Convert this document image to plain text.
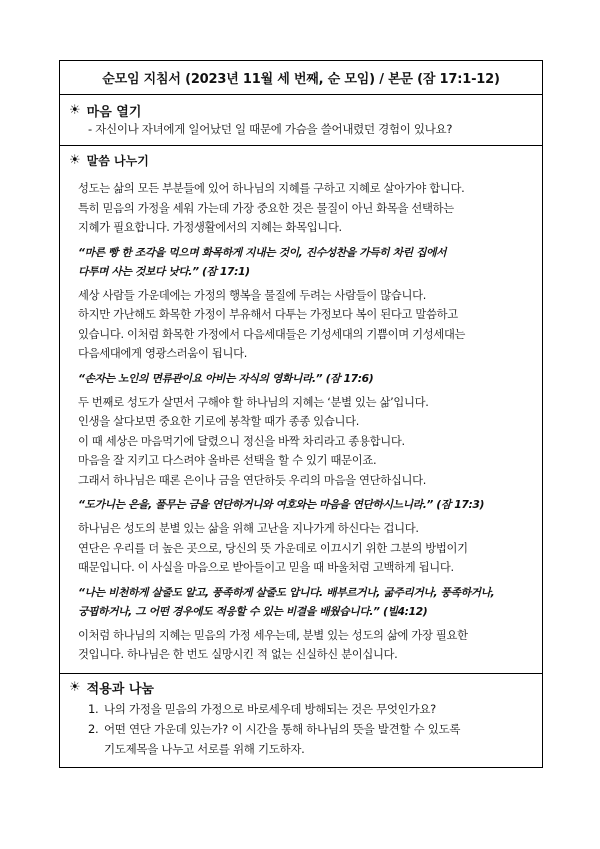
순모임 지침서 (2023년 11월 세 번째, 순 모임) / 본문 (잠 17:1-12)
☀ 마음 열기
- 자신이나 자녀에게 일어났던 일 때문에 가슴을 쓸어내렸던 경험이 있나요?
☀ 말씀 나누기
성도는 삶의 모든 부분들에 있어 하나님의 지혜를 구하고 지혜로 살아가야 합니다.
특히 믿음의 가정을 세워 가는데 가장 중요한 것은 물질이 아닌 화목을 선택하는
지혜가 필요합니다. 가정생활에서의 지혜는 화목입니다.
“마른 빵 한 조각을 먹으며 화목하게 지내는 것이, 진수성찬을 가득히 차린 집에서
다투며 사는 것보다 낫다.” (잠 17:1)
세상 사람들 가운데에는 가정의 행복을 물질에 두려는 사람들이 많습니다.
하지만 가난해도 화목한 가정이 부유해서 다투는 가정보다 복이 된다고 말씀하고
있습니다. 이처럼 화목한 가정에서 다음세대들은 기성세대의 기쁨이며 기성세대는
다음세대에게 영광스러움이 됩니다.
“손자는 노인의 면류관이요 아비는 자식의 영화니라.” (잠 17:6)
두 번째로 성도가 살면서 구해야 할 하나님의 지혜는 ‘분별 있는 삶’입니다.
인생을 살다보면 중요한 기로에 봉착할 때가 종종 있습니다.
이 때 세상은 마음먹기에 달렸으니 정신을 바짝 차리라고 종용합니다.
마음을 잘 지키고 다스려야 올바른 선택을 할 수 있기 때문이죠.
그래서 하나님은 때론 은이나 금을 연단하듯 우리의 마음을 연단하십니다.
“도가니는 은을, 풀무는 금을 연단하거니와 여호와는 마음을 연단하시느니라.” (잠 17:3)
하나님은 성도의 분별 있는 삶을 위해 고난을 지나가게 하신다는 겁니다.
연단은 우리를 더 높은 곳으로, 당신의 뜻 가운데로 이끄시기 위한 그분의 방법이기
때문입니다. 이 사실을 마음으로 받아들이고 믿을 때 바울처럼 고백하게 됩니다.
“나는 비천하게 살줄도 알고, 풍족하게 살줄도 압니다. 배부르거나, 굶주리거나, 풍족하거나,
궁핍하거나, 그 어떤 경우에도 적응할 수 있는 비결을 배웠습니다.” (빌4:12)
이처럼 하나님의 지혜는 믿음의 가정 세우는데, 분별 있는 성도의 삶에 가장 필요한
것입니다. 하나님은 한 번도 실망시킨 적 없는 신실하신 분이십니다.
☀ 적용과 나눔
1. 나의 가정을 믿음의 가정으로 바로세우데 방해되는 것은 무엇인가요?
2. 어떤 연단 가운데 있는가? 이 시간을 통해 하나님의 뜻을 발견할 수 있도록
기도제목을 나누고 서로를 위해 기도하자.
